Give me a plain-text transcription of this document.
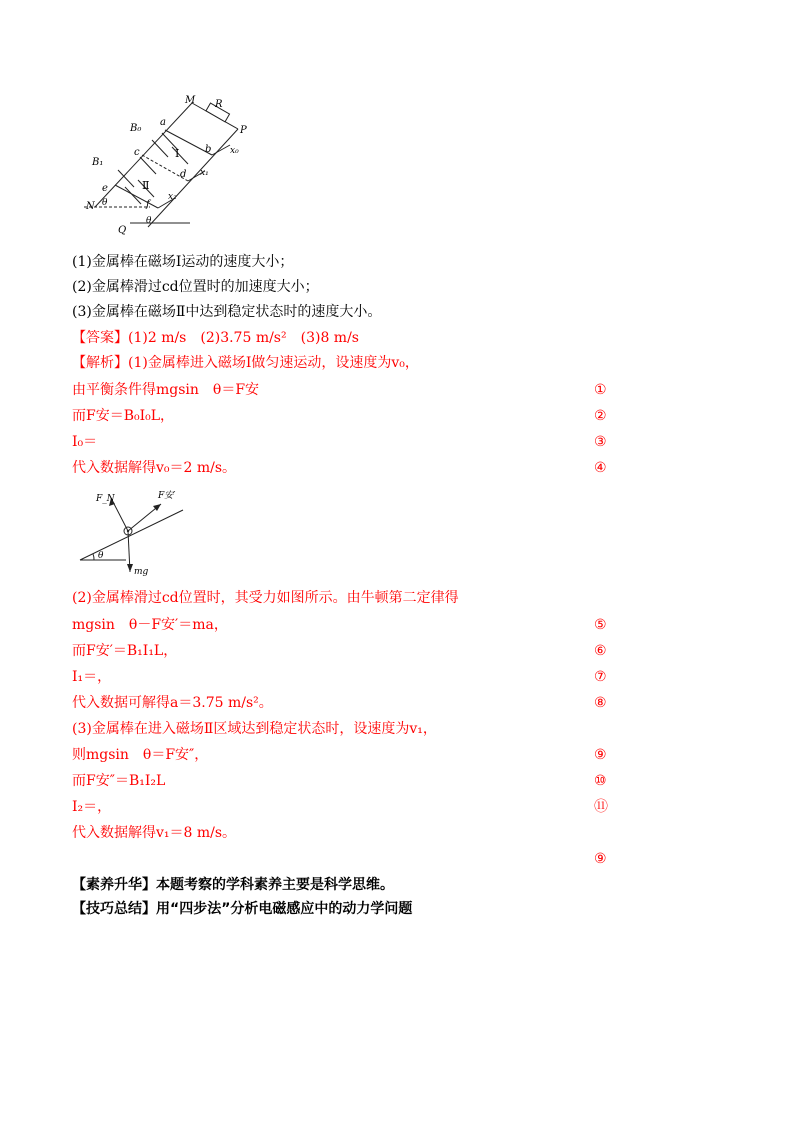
M R
P
B₀
B₁
a
b
c
d
e
f
N
Q
Ⅰ
Ⅱ
x₀
x₁
x₂
θ
θ
(1)金属棒在磁场Ⅰ运动的速度大小；
(2)金属棒滑过cd位置时的加速度大小；
(3)金属棒在磁场Ⅱ中达到稳定状态时的速度大小。
【答案】(1)2 m/s　(2)3.75 m/s²　(3)8 m/s
【解析】(1)金属棒进入磁场Ⅰ做匀速运动，设速度为v₀，
由平衡条件得mgsin　θ＝F安
而F安＝B₀I₀L，
I₀＝
代入数据解得v₀＝2 m/s。
①
②
③
④
F_N	F安′
mg
θ
(2)金属棒滑过cd位置时，其受力如图所示。由牛顿第二定律得
mgsin　θ－F安′＝ma，
而F安′＝B₁I₁L，
I₁＝，
代入数据可解得a＝3.75 m/s²。
(3)金属棒在进入磁场Ⅱ区域达到稳定状态时，设速度为v₁，
则mgsin　θ＝F安″，
而F安″＝B₁I₂L
I₂＝，
代入数据解得v₁＝8 m/s。
⑤
⑥
⑦
⑧
⑨
⑩
⑪
⑨
【素养升华】本题考察的学科素养主要是科学思维。
【技巧总结】用“四步法”分析电磁感应中的动力学问题
